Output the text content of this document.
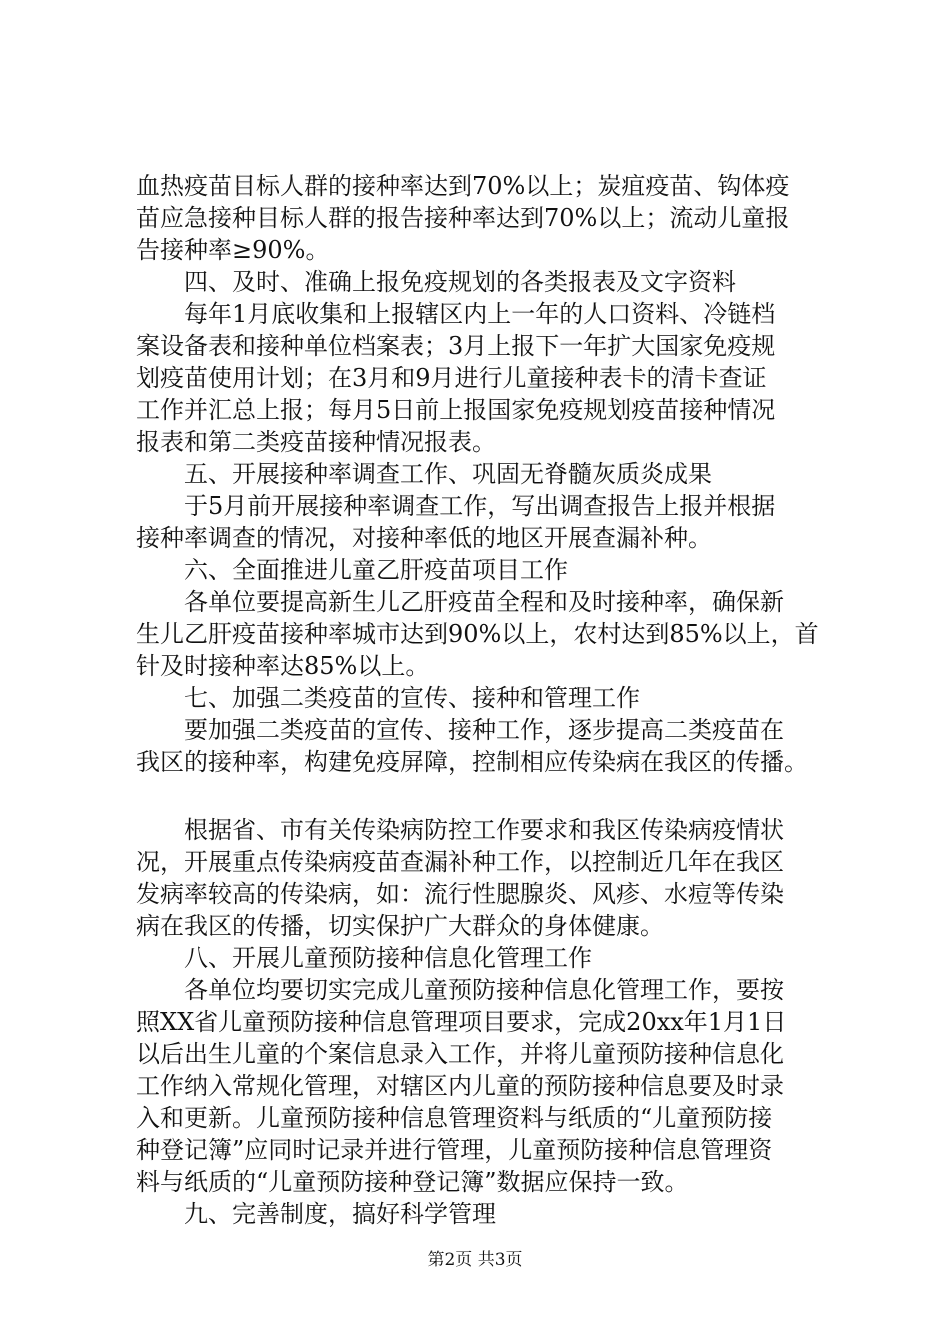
血热疫苗目标人群的接种率达到70%以上；炭疽疫苗、钩体疫
苗应急接种目标人群的报告接种率达到70%以上；流动儿童报
告接种率≥90%。
　　四、及时、准确上报免疫规划的各类报表及文字资料
　　每年1月底收集和上报辖区内上一年的人口资料、冷链档
案设备表和接种单位档案表；3月上报下一年扩大国家免疫规
划疫苗使用计划；在3月和9月进行儿童接种表卡的清卡查证
工作并汇总上报；每月5日前上报国家免疫规划疫苗接种情况
报表和第二类疫苗接种情况报表。
　　五、开展接种率调查工作、巩固无脊髓灰质炎成果
　　于5月前开展接种率调查工作，写出调查报告上报并根据
接种率调查的情况，对接种率低的地区开展查漏补种。
　　六、全面推进儿童乙肝疫苗项目工作
　　各单位要提高新生儿乙肝疫苗全程和及时接种率，确保新
生儿乙肝疫苗接种率城市达到90%以上，农村达到85%以上，首
针及时接种率达85%以上。
　　七、加强二类疫苗的宣传、接种和管理工作
　　要加强二类疫苗的宣传、接种工作，逐步提高二类疫苗在
我区的接种率，构建免疫屏障，控制相应传染病在我区的传播。
　　根据省、市有关传染病防控工作要求和我区传染病疫情状
况，开展重点传染病疫苗查漏补种工作，以控制近几年在我区
发病率较高的传染病，如：流行性腮腺炎、风疹、水痘等传染
病在我区的传播，切实保护广大群众的身体健康。
　　八、开展儿童预防接种信息化管理工作
　　各单位均要切实完成儿童预防接种信息化管理工作，要按
照XX省儿童预防接种信息管理项目要求，完成20xx年1月1日
以后出生儿童的个案信息录入工作，并将儿童预防接种信息化
工作纳入常规化管理，对辖区内儿童的预防接种信息要及时录
入和更新。儿童预防接种信息管理资料与纸质的“儿童预防接
种登记簿”应同时记录并进行管理，儿童预防接种信息管理资
料与纸质的“儿童预防接种登记簿”数据应保持一致。
　　九、完善制度，搞好科学管理
第2页 共3页
